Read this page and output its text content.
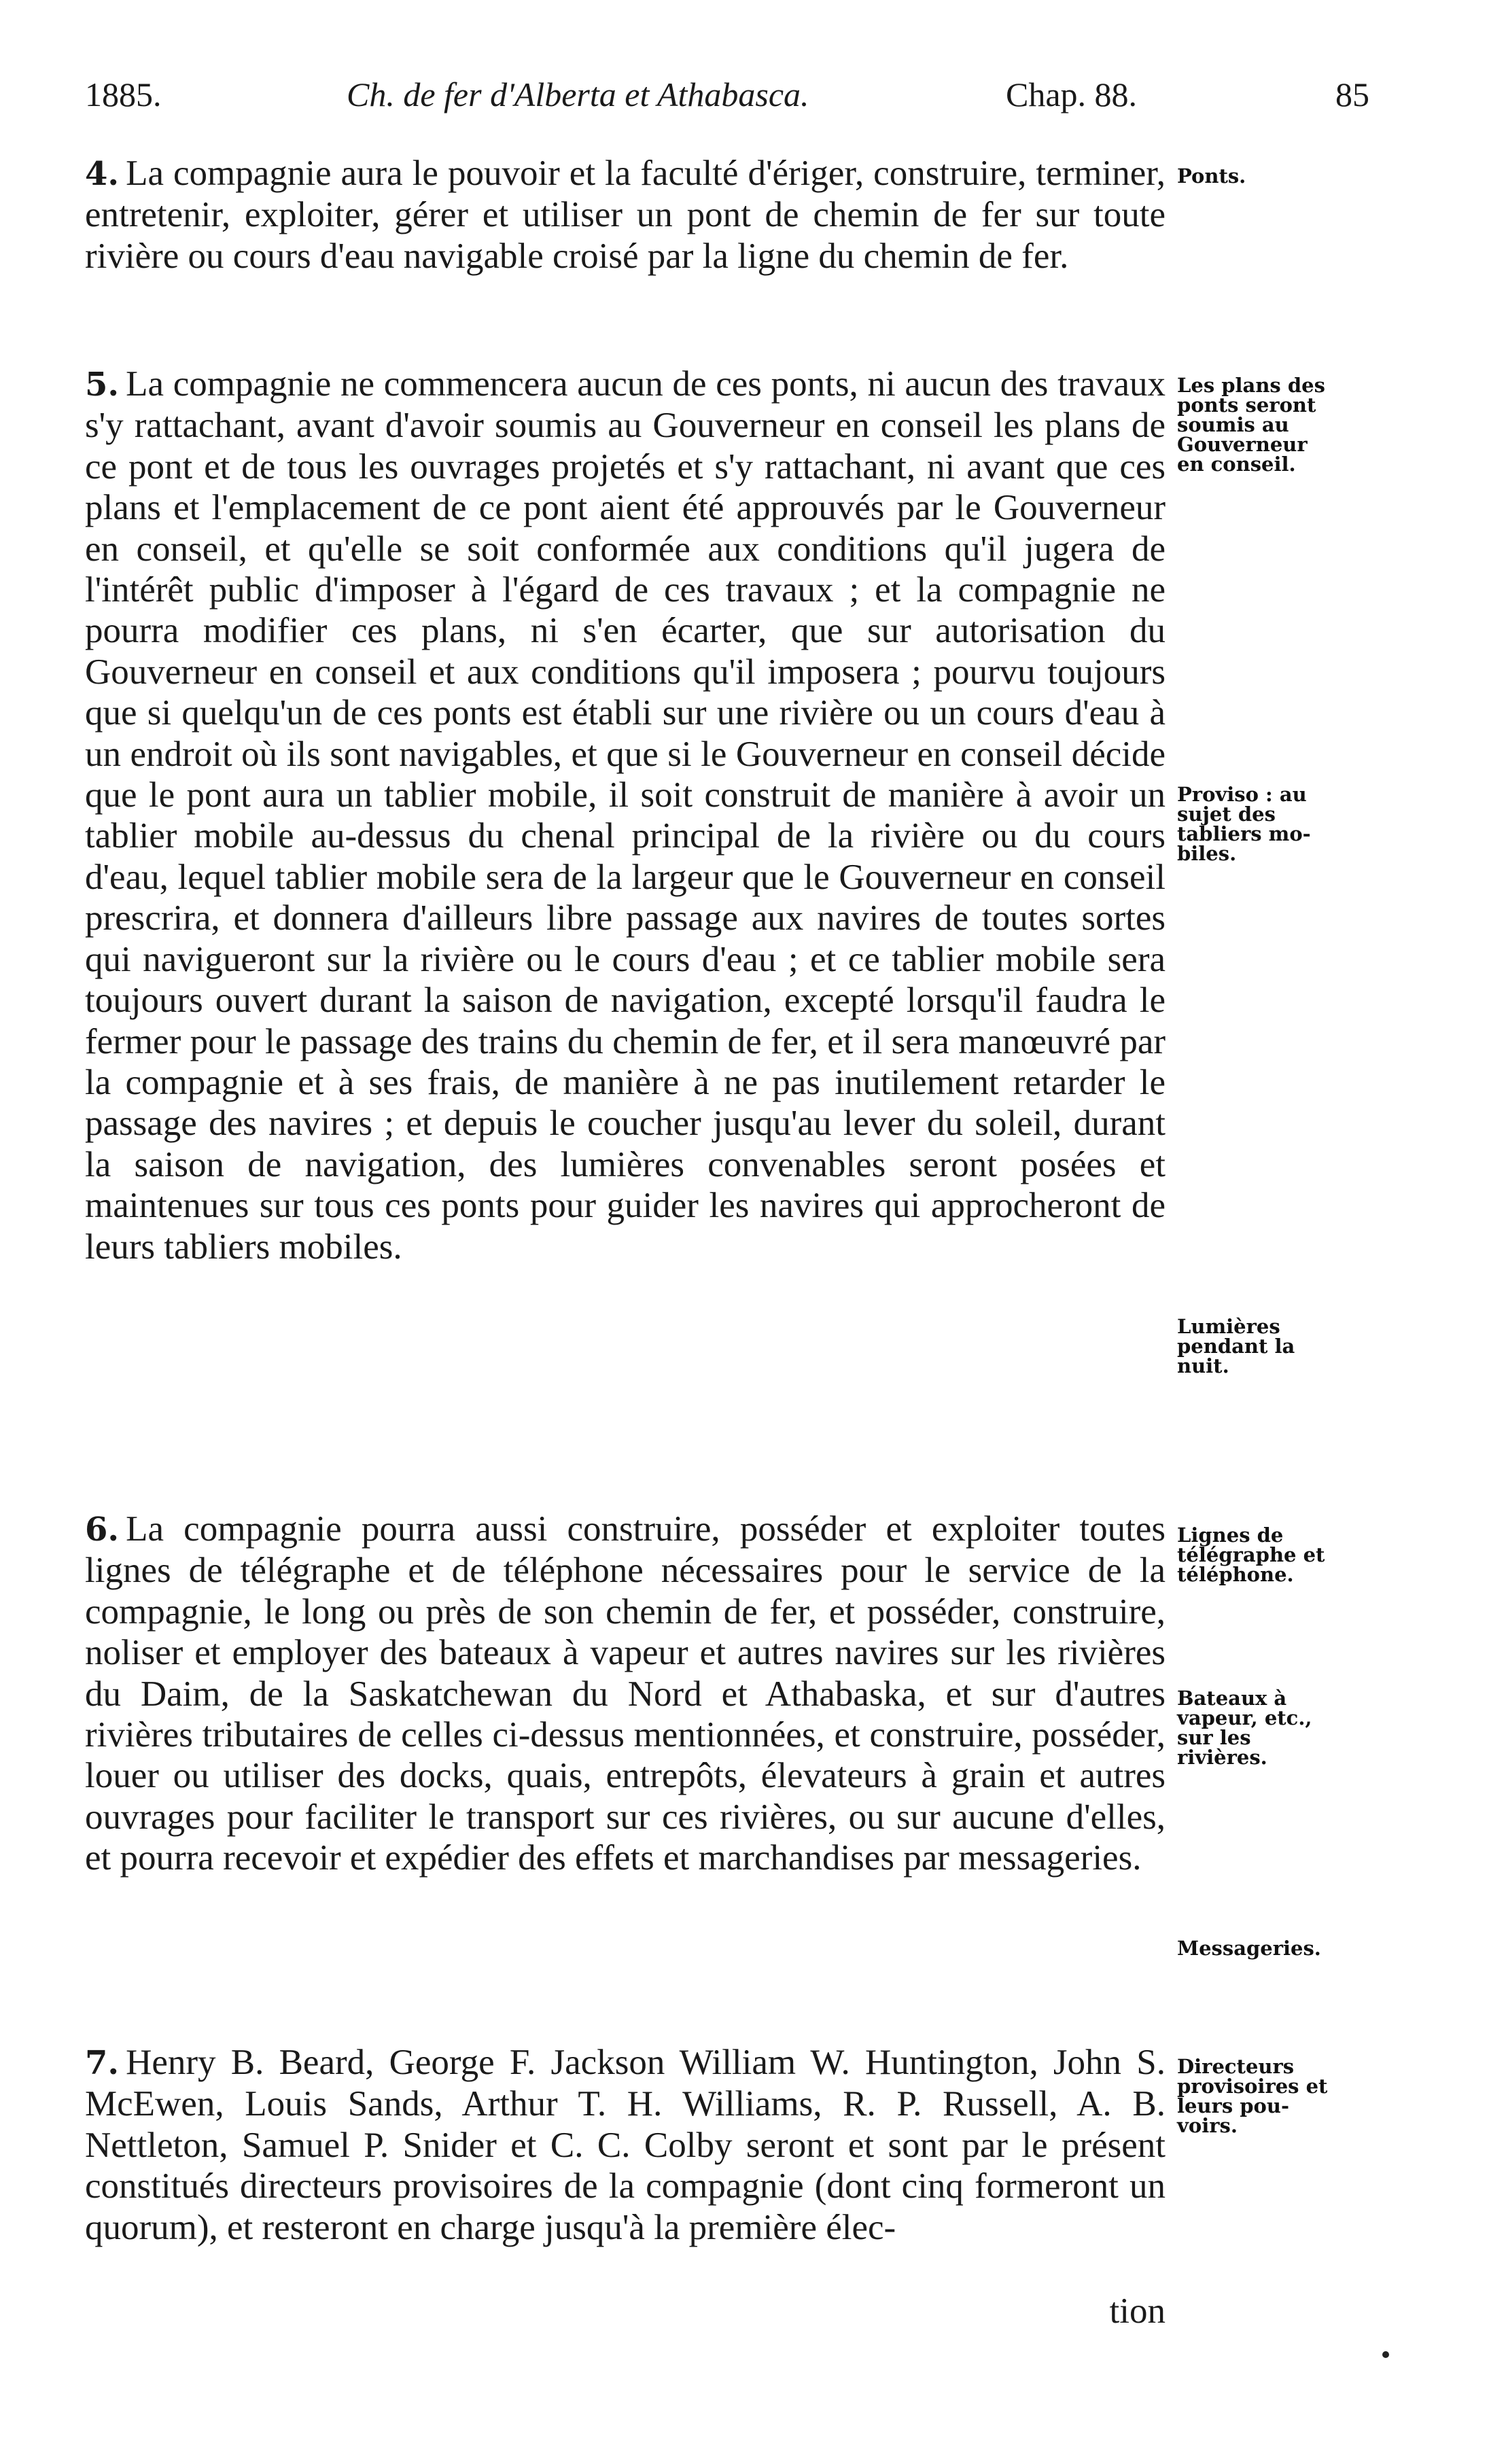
1885.	Ch. de fer d'Alberta et Athabasca.	Chap. 88.	85

4. La compagnie aura le pouvoir et la faculté d'ériger, construire, terminer, entretenir, exploiter, gérer et utiliser un pont de chemin de fer sur toute rivière ou cours d'eau navigable croisé par la ligne du chemin de fer.

5. La compagnie ne commencera aucun de ces ponts, ni aucun des travaux s'y rattachant, avant d'avoir soumis au Gouverneur en conseil les plans de ce pont et de tous les ouvrages projetés et s'y rattachant, ni avant que ces plans et l'emplacement de ce pont aient été approuvés par le Gouverneur en conseil, et qu'elle se soit conformée aux conditions qu'il jugera de l'intérêt public d'imposer à l'égard de ces travaux ; et la compagnie ne pourra modifier ces plans, ni s'en écarter, que sur autorisation du Gouverneur en conseil et aux conditions qu'il imposera ; pourvu toujours que si quelqu'un de ces ponts est établi sur une rivière ou un cours d'eau à un endroit où ils sont navigables, et que si le Gouverneur en conseil décide que le pont aura un tablier mobile, il soit construit de manière à avoir un tablier mobile au-dessus du chenal principal de la rivière ou du cours d'eau, lequel tablier mobile sera de la largeur que le Gouverneur en conseil prescrira, et donnera d'ailleurs libre passage aux navires de toutes sortes qui navigueront sur la rivière ou le cours d'eau ; et ce tablier mobile sera toujours ouvert durant la saison de navigation, excepté lorsqu'il faudra le fermer pour le passage des trains du chemin de fer, et il sera manœuvré par la compagnie et à ses frais, de manière à ne pas inutilement retarder le passage des navires ; et depuis le coucher jusqu'au lever du soleil, durant la saison de navigation, des lumières convenables seront posées et maintenues sur tous ces ponts pour guider les navires qui approcheront de leurs tabliers mobiles.

6. La compagnie pourra aussi construire, posséder et exploiter toutes lignes de télégraphe et de téléphone nécessaires pour le service de la compagnie, le long ou près de son chemin de fer, et posséder, construire, noliser et employer des bateaux à vapeur et autres navires sur les rivières du Daim, de la Saskatchewan du Nord et Athabaska, et sur d'autres rivières tributaires de celles ci-dessus mentionnées, et construire, posséder, louer ou utiliser des docks, quais, entrepôts, élevateurs à grain et autres ouvrages pour faciliter le transport sur ces rivières, ou sur aucune d'elles, et pourra recevoir et expédier des effets et marchandises par messageries.

7. Henry B. Beard, George F. Jackson William W. Huntington, John S. McEwen, Louis Sands, Arthur T. H. Williams, R. P. Russell, A. B. Nettleton, Samuel P. Snider et C. C. Colby seront et sont par le présent constitués directeurs provisoires de la compagnie (dont cinq formeront un quorum), et resteront en charge jusqu'à la première élec-

tion
Ponts.
Les plans des
ponts seront
soumis au
Gouverneur
en conseil.
Proviso : au
sujet des
tabliers mo-
biles.
Lumières
pendant la
nuit.
Lignes de
télégraphe et
téléphone.
Bateaux à
vapeur, etc.,
sur les
rivières.
Messageries.
Directeurs
provisoires et
leurs pou-
voirs.
